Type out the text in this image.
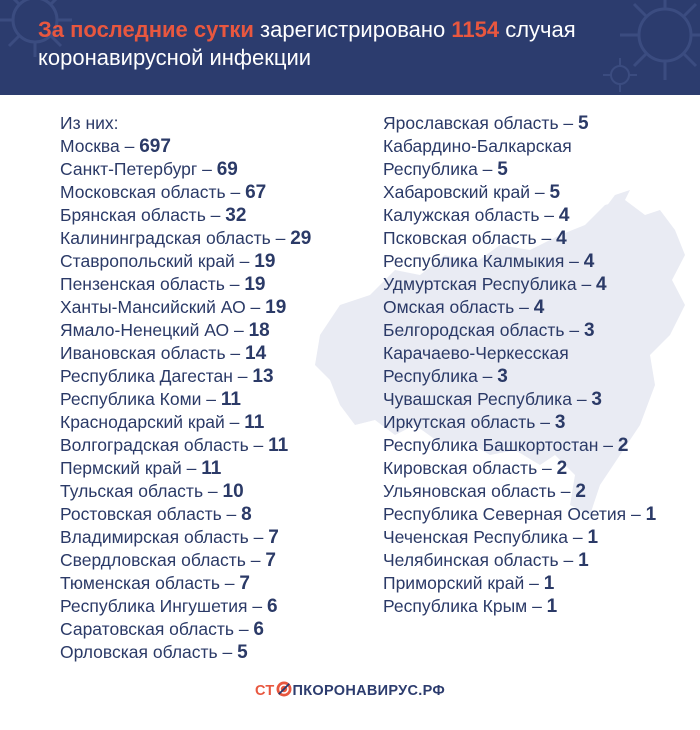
За последние сутки зарегистрировано 1154 случая
коронавирусной инфекции
Из них:
Москва – 697
Санкт-Петербург – 69
Московская область – 67
Брянская область – 32
Калининградская область – 29
Ставропольский край – 19
Пензенская область – 19
Ханты-Мансийский АО – 19
Ямало-Ненецкий АО – 18
Ивановская область – 14
Республика Дагестан – 13
Республика Коми – 11
Краснодарский край – 11
Волгоградская область – 11
Пермский край – 11
Тульская область – 10
Ростовская область – 8
Владимирская область – 7
Свердловская область – 7
Тюменская область – 7
Республика Ингушетия – 6
Саратовская область – 6
Орловская область – 5
Ярославская область – 5
Кабардино-Балкарская
Республика – 5
Хабаровский край – 5
Калужская область – 4
Псковская область – 4
Республика Калмыкия – 4
Удмуртская Республика – 4
Омская область – 4
Белгородская область – 3
Карачаево-Черкесская
Республика – 3
Чувашская Республика – 3
Иркутская область – 3
Республика Башкортостан – 2
Кировская область – 2
Ульяновская область – 2
Республика Северная Осетия – 1
Чеченская Республика – 1
Челябинская область – 1
Приморский край – 1
Республика Крым – 1
СТ ПКОРОНАВИРУС.РФ
